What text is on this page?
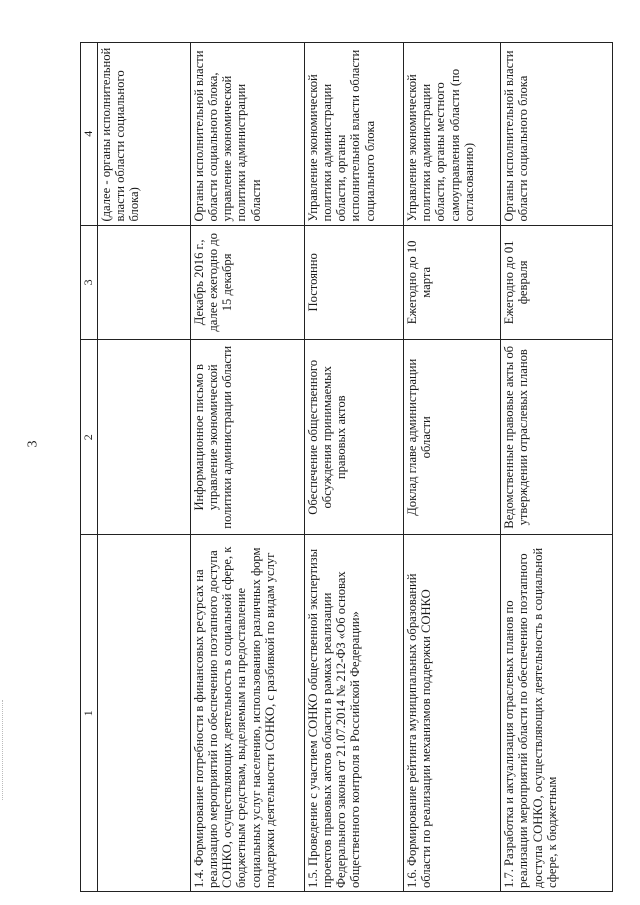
3
1	2	3	4
			(далее - органы исполнительной власти области социального блока)
1.4. Формирование потребности в финансовых ресурсах на реализацию мероприятий по обеспечению поэтапного доступа СОНКО, осуществляющих деятельность в социальной сфере, к бюджетным средствам, выделяемым на предоставление социальных услуг населению, использованию различных форм поддержки деятельности СОНКО, с разбивкой по видам услуг	Информационное письмо в управление экономической политики администрации области	Декабрь 2016 г., далее ежегодно до 15 декабря	Органы исполнительной власти области социального блока, управление экономической политики администрации области
1.5. Проведение с участием СОНКО общественной экспертизы проектов правовых актов области в рамках реализации Федерального закона от 21.07.2014 № 212-ФЗ «Об основах общественного контроля в Российской Федерации»	Обеспечение общественного обсуждения принимаемых правовых актов	Постоянно	Управление экономической политики администрации области, органы исполнительной власти области социального блока
1.6. Формирование рейтинга муниципальных образований области по реализации механизмов поддержки СОНКО	Доклад главе администрации области	Ежегодно до 10 марта	Управление экономической политики администрации области, органы местного самоуправления области (по согласованию)
1.7. Разработка и актуализация отраслевых планов по реализации мероприятий области по обеспечению поэтапного доступа СОНКО, осуществляющих деятельность в социальной сфере, к бюджетным	Ведомственные правовые акты об утверждении отраслевых планов	Ежегодно до 01 февраля	Органы исполнительной власти области социального блока
